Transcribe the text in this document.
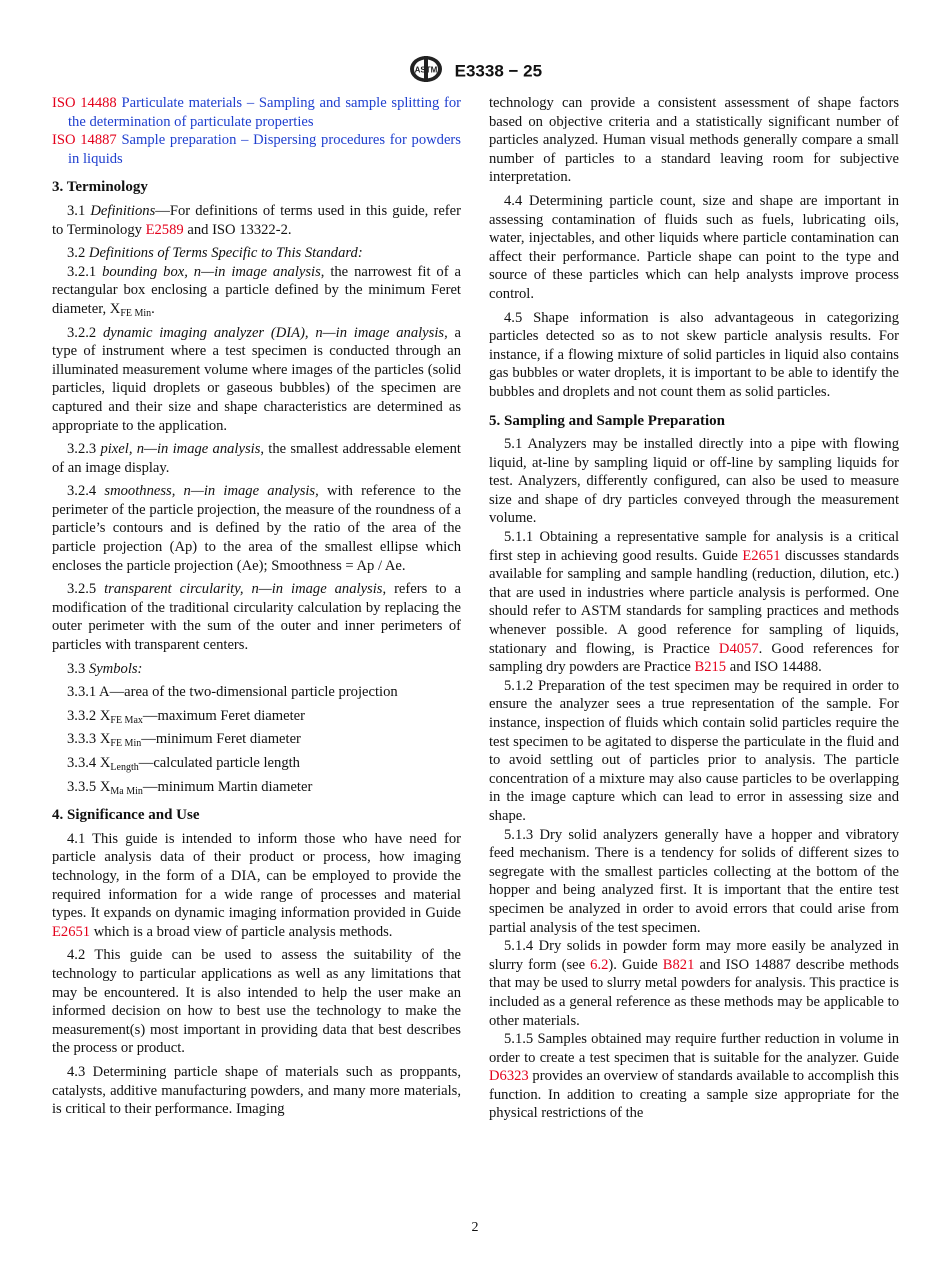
ASTM E3338 − 25
ISO 14488 Particulate materials – Sampling and sample splitting for the determination of particulate properties
ISO 14887 Sample preparation – Dispersing procedures for powders in liquids
3. Terminology

3.1 Definitions—For definitions of terms used in this guide, refer to Terminology E2589 and ISO 13322-2.

3.2 Definitions of Terms Specific to This Standard:

3.2.1 bounding box, n—in image analysis, the narrowest fit of a rectangular box enclosing a particle defined by the minimum Feret diameter, $X_{FE Min}$.

3.2.2 dynamic imaging analyzer (DIA), n—in image analysis, a type of instrument where a test specimen is conducted through an illuminated measurement volume where images of the particles (solid particles, liquid droplets or gaseous bubbles) of the specimen are captured and their size and shape characteristics are determined as appropriate to the application.

3.2.3 pixel, n—in image analysis, the smallest addressable element of an image display.

3.2.4 smoothness, n—in image analysis, with reference to the perimeter of the particle projection, the measure of the roundness of a particle’s contours and is defined by the ratio of the area of the particle projection (Ap) to the area of the smallest ellipse which encloses the particle projection (Ae); Smoothness = Ap / Ae.

3.2.5 transparent circularity, n—in image analysis, refers to a modification of the traditional circularity calculation by replacing the outer perimeter with the sum of the outer and inner perimeters of particles with transparent centers.

3.3 Symbols:
3.3.1 A—area of the two-dimensional particle projection
3.3.2 $X_{FE Max}—maximum$ Feret diameter
3.3.3 $X_{FE Min}—minimum$ Feret diameter
3.3.4 $X_{Length}—calculated$ particle length
3.3.5 $X_{Ma Min}—minimum$ Martin diameter
4. Significance and Use

4.1 This guide is intended to inform those who have need for particle analysis data of their product or process, how imaging technology, in the form of a DIA, can be employed to provide the required information for a wide range of processes and material types. It expands on dynamic imaging information provided in Guide E2651 which is a broad view of particle analysis methods.

4.2 This guide can be used to assess the suitability of the technology to particular applications as well as any limitations that may be encountered. It is also intended to help the user make an informed decision on how to best use the technology to make the measurement(s) most important in providing data that best describes the process or product.

4.3 Determining particle shape of materials such as proppants, catalysts, additive manufacturing powders, and many more materials, is critical to their performance. Imaging

technology can provide a consistent assessment of shape factors based on objective criteria and a statistically significant number of particles analyzed. Human visual methods generally compare a small number of particles to a standard leaving room for subjective interpretation.

4.4 Determining particle count, size and shape are important in assessing contamination of fluids such as fuels, lubricating oils, water, injectables, and other liquids where particle contamination can affect their performance. Particle shape can point to the type and source of these particles which can help analysts improve process control.

4.5 Shape information is also advantageous in categorizing particles detected so as to not skew particle analysis results. For instance, if a flowing mixture of solid particles in liquid also contains gas bubbles or water droplets, it is important to be able to identify the bubbles and droplets and not count them as solid particles.

5. Sampling and Sample Preparation

5.1 Analyzers may be installed directly into a pipe with flowing liquid, at-line by sampling liquid or off-line by sampling liquids for test. Analyzers, differently configured, can also be used to measure size and shape of dry particles conveyed through the measurement volume.

5.1.1 Obtaining a representative sample for analysis is a critical first step in achieving good results. Guide E2651 discusses standards available for sampling and sample handling (reduction, dilution, etc.) that are used in industries where particle analysis is performed. One should refer to ASTM standards for sampling practices and methods whenever possible. A good reference for sampling of liquids, stationary and flowing, is Practice D4057. Good references for sampling dry powders are Practice B215 and ISO 14488.

5.1.2 Preparation of the test specimen may be required in order to ensure the analyzer sees a true representation of the sample. For instance, inspection of fluids which contain solid particles require the test specimen to be agitated to disperse the particulate in the fluid and to avoid settling out of particles prior to analysis. The particle concentration of a mixture may also cause particles to be overlapping in the image capture which can lead to error in assessing size and shape.

5.1.3 Dry solid analyzers generally have a hopper and vibratory feed mechanism. There is a tendency for solids of different sizes to segregate with the smallest particles collecting at the bottom of the hopper and being analyzed first. It is important that the entire test specimen be analyzed in order to avoid errors that could arise from partial analysis of the test specimen.

5.1.4 Dry solids in powder form may more easily be analyzed in slurry form (see 6.2). Guide B821 and ISO 14887 describe methods that may be used to slurry metal powders for analysis. This practice is included as a general reference as these methods may be applicable to other materials.

5.1.5 Samples obtained may require further reduction in volume in order to create a test specimen that is suitable for the analyzer. Guide D6323 provides an overview of standards available to accomplish this function. In addition to creating a sample size appropriate for the physical restrictions of the

2
